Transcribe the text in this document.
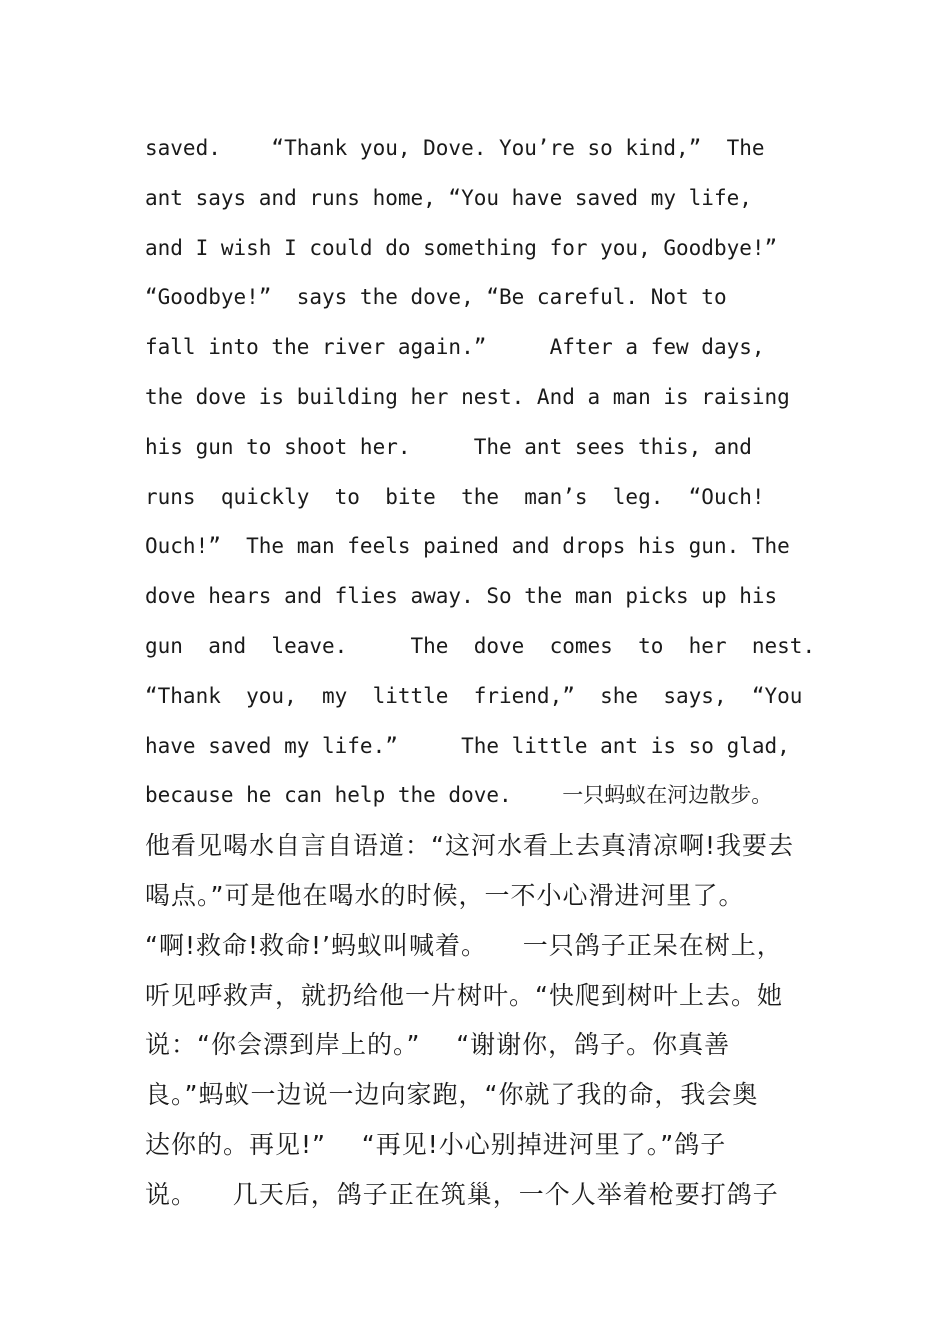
saved.    “Thank you, Dove. You’re so kind,”  The
ant says and runs home, “You have saved my life,
and I wish I could do something for you, Goodbye!”
“Goodbye!”  says the dove, “Be careful. Not to
fall into the river again.”     After a few days,
the dove is building her nest. And a man is raising
his gun to shoot her.     The ant sees this, and
runs  quickly  to  bite  the  man’s  leg.  “Ouch!
Ouch!”  The man feels pained and drops his gun. The
dove hears and flies away. So the man picks up his
gun  and  leave.     The  dove  comes  to  her  nest.
“Thank  you,  my  little  friend,”  she  says,  “You
have saved my life.”     The little ant is so glad,
because he can help the dove.    一只蚂蚁在河边散步。
他看见喝水自言自语道：“这河水看上去真清凉啊!我要去
喝点。”可是他在喝水的时候，一不小心滑进河里了。
“啊!救命!救命!’蚂蚁叫喊着。    一只鸽子正呆在树上，
听见呼救声，就扔给他一片树叶。“快爬到树叶上去。她
说：“你会漂到岸上的。”    “谢谢你，鸽子。你真善
良。”蚂蚁一边说一边向家跑，“你就了我的命，我会奥
达你的。再见!”    “再见!小心别掉进河里了。”鸽子
说。    几天后，鸽子正在筑巢，一个人举着枪要打鸽子
